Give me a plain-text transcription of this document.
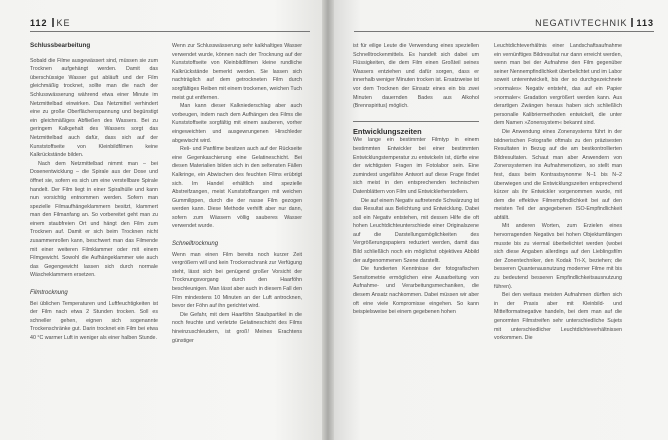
112 KE

Schlussbearbeitung

Sobald die Filme ausgewässert sind, müssen sie zum Trocknen aufgehängt werden. Damit das überschüssige Wasser gut abläuft und der Film gleichmäßig trocknet, sollte man die nach der Schlusswässerung während etwa einer Minute im Netzmittelbad einwirken. Das Netzmittel verhindert eine zu große Oberflächenspannung und begünstigt ein gleichmäßiges Abfließen des Wassers. Bei zu geringem Kalkgehalt des Wassers sorgt das Netzmittelbad auch dafür, dass sich auf der Kunststoffseite von Kleinbildfilmen keine Kalkrückstände bilden.

Nach dem Netzmittelbad nimmt man – bei Dosenentwicklung – die Spirale aus der Dose und öffnet sie, sofern es sich um eine verstellbare Spirale handelt. Der Film liegt in einer Spiralhülle und kann nun vorsichtig entnommen werden. Sofern man spezielle Filmaufhängeklammern besitzt, klammert man den Filmanfang an. So vorbereitet geht man zu einem staubfreien Ort und hängt den Film zum Trocknen auf. Damit er sich beim Trocknen nicht zusammenrollen kann, beschwert man das Filmende mit einer weiteren Filmklammer oder mit einem Filmgewicht. Sowohl die Aufhängeklammer wie auch das Gegengewicht lassen sich durch normale Wäscheklammern ersetzen.

Filmtrocknung

Bei üblichen Temperaturen und Luftfeuchtigkeiten ist der Film nach etwa 2 Stunden trocken. Soll es schneller gehen, eignen sich sogenannte Trockenschränke gut. Darin trocknet ein Film bei etwa 40 °C warmer Luft in weniger als einer halben Stunde.

Wenn zur Schlusswässerung sehr kalkhaltiges Wasser verwendet wurde, können nach der Trocknung auf der Kunststoffseite von Kleinbildfilmen kleine rundliche Kalkrückstände bemerkt werden. Sie lassen sich nachträglich auf dem getrockneten Film durch sorgfältiges Reiben mit einem trockenen, weichen Tuch meist gut entfernen.

Man kann dieser Kalkniederschlag aber auch vorbeugen, indem nach dem Aufhängen des Films die Kunststoffseite sorgfältig mit einem sauberen, vorher eingeweichten und ausgewrungenen Hirschleder abgewischt wird.

Reli- und Panfilme besitzen auch auf der Rückseite eine Gegenkaschierung eine Gelatineschicht. Bei diesen Materialien bilden sich in den seltensten Fällen Kalkringe, ein Abwischen des feuchten Films erübrigt sich. Im Handel erhältlich sind spezielle Abstreifzangen, meist Kunststoffzangen mit weichen Gummilippen, durch die der nasse Film gezogen werden kann. Diese Methode verhilft aber nur dann, sofern zum Wässern völlig sauberes Wasser verwendet wurde.

Schnelltrocknung

Wenn man einen Film bereits noch kurzer Zeit vergrößern will und kein Trockenschrank zur Verfügung steht, lässt sich bei genügend großer Vorsicht der Trocknungsvorgang durch den Haarföhn beschleunigen. Man lässt aber auch in diesem Fall den Film mindestens 10 Minuten an der Luft antrocknen, bevor der Föhn auf ihn gerichtet wird.

Die Gefahr, mit dem Haarföhn Staubpartikel in die noch feuchte und verletzte Gelatineschicht des Films hineinzuschleudern, ist groß! Meines Erachtens günstiger

NEGATIVTECHNIK 113

ist für eilige Leute die Verwendung eines speziellen Schnelltrockenmittels. Es handelt sich dabei um Flüssigkeiten, die dem Film einen Großteil seines Wassers entziehen und dafür sorgen, dass er innerhalb weniger Minuten trocken ist. Ersatzweise ist vor dem Trocknen der Einsatz eines ein bis zwei Minuten dauernden Bades aus Alkohol (Brennspiritus) möglich.

Entwicklungszeiten

Wie lange ein bestimmter Filmtyp in einem bestimmten Entwickler bei einer bestimmten Entwicklungstemperatur zu entwickeln ist, dürfte eine der wichtigsten Fragen im Fotolabor sein. Eine zumindest ungefähre Antwort auf diese Frage findet sich meist in den entsprechenden technischen Datenblättern von Film und Entwicklerherstellern.

Die auf einem Negativ auftretende Schwärzung ist das Resultat aus Belichtung und Entwicklung. Dabei soll ein Negativ entstehen, mit dessen Hilfe die oft hohen Leuchtdichteunterschiede einer Originalszene auf die Darstellungsmöglichkeiten des Vergrößerungspapiers reduziert werden, damit das Bild schließlich noch ein möglichst objektives Abbild der aufgenommenen Szene darstellt.

Die fundierten Kenntnisse der fotografischen Sensitometrie ermöglichen eine Ausarbeitung von Aufnahme- und Verarbeitungsmechaniken, die diesem Ansatz nachkommen. Dabei müssen wir aber oft eine viele Kompromisse eingehen. So kann beispielsweise bei einem gegebenen hohen

Leuchtdichteverhältnis einer Landschaftsaufnahme ein vernünftiges Bildresultat nur dann erreicht werden, wenn man bei der Aufnahme den Film gegenüber seiner Nennempfindlichkeit überbelichtet und im Labor soweit unterentwickelt, bis der so durchgezeichnete »normales« Negativ entsteht, das auf ein Papier »normaler« Gradation vergrößert werden kann. Aus derartigen Zwängen heraus haben sich schließlich personalle Kalibriermethoden entwickelt, die unter dem Namen »Zonensystem« bekannt sind.

Die Anwendung eines Zonensystems führt in der bildnerischen Fotografie oftmals zu den präzisesten Resultaten in Bezug auf die am bestkontrollierten Bildresultaten. Schaut man aber Anwendern von Zonensystemen ins Aufnahmenotizen, so stellt man fest, dass beim Kontrastsynonme N–1 bis N–2 überwiegen und die Entwicklungszeiten entsprechend kürzer als ihr Entwickler vorgenommen wurde, mit dem die effektive Filmempfindlichkeit bei auf den meisten Teil der angegebenen ISO-Empfindlichkeit abfällt.

Mit anderen Worten, zum Erzielen eines hervorragenden Negativs bei hohen Objektumfängen musste bis zu viermal überbelichtet werden (wobei sich diese Angaben allerdings auf den Lieblingsfilm der Zonentechniker, den Kodak Tri-X, beziehen; die besseren Quantenausnutzung moderner Filme mit bis zu bedeutend besseren Empfindlichkeitsausnutzung führen).

Bei den weitaus meisten Aufnahmen dürften sich in der Praxis aber mit Kleinbild- und Mittelformatnegative handeln, bei dem man auf die genormten Filmstreifen sehr unterschiedliche Sujets mit unterschiedlicher Leuchtdichteverhältnissen vorkommen. Die
